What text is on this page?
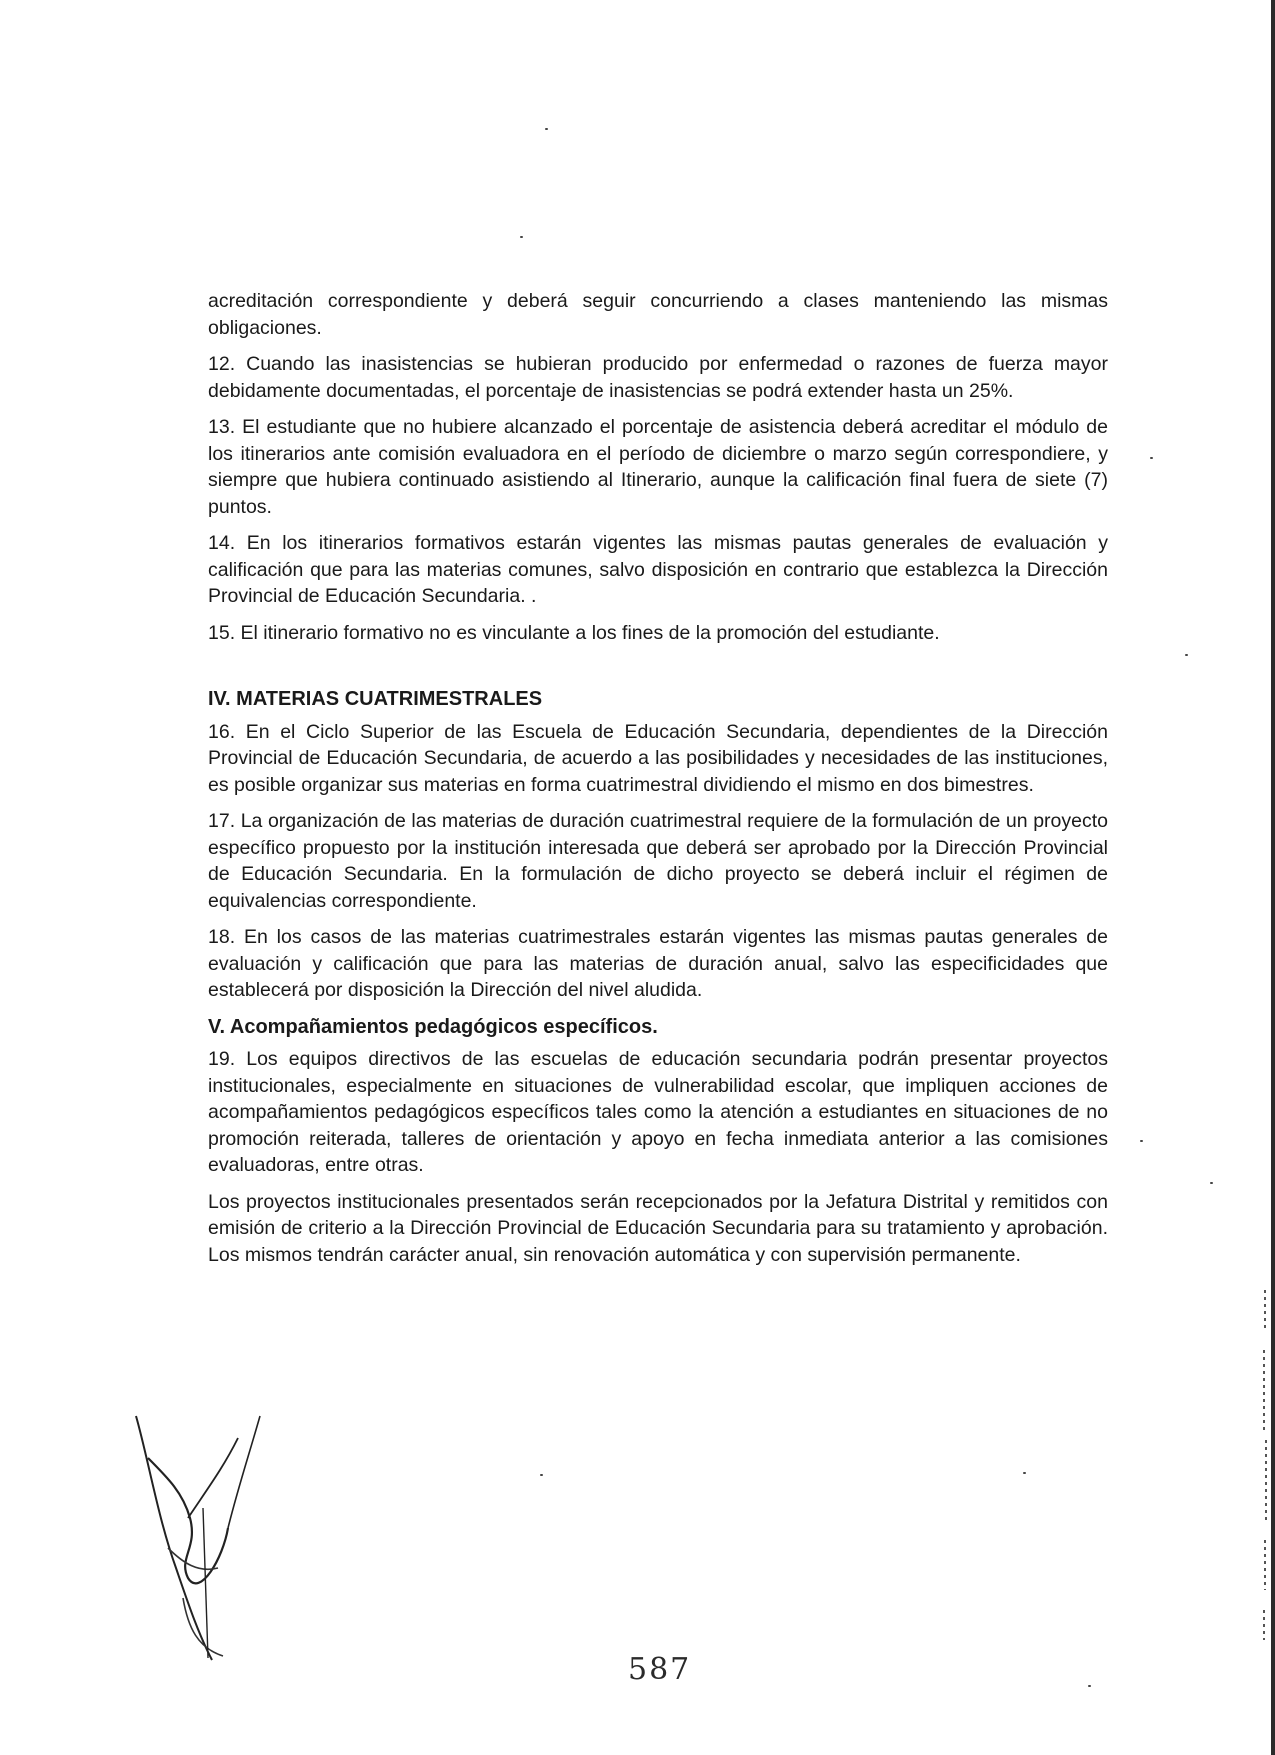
acreditación correspondiente y deberá seguir concurriendo a clases manteniendo las mismas obligaciones.

12. Cuando las inasistencias se hubieran producido por enfermedad o razones de fuerza mayor debidamente documentadas, el porcentaje de inasistencias se podrá extender hasta un 25%.

13. El estudiante que no hubiere alcanzado el porcentaje de asistencia deberá acreditar el módulo de los itinerarios ante comisión evaluadora en el período de diciembre o marzo según correspondiere, y siempre que hubiera continuado asistiendo al Itinerario, aunque la calificación final fuera de siete (7) puntos.

14. En los itinerarios formativos estarán vigentes las mismas pautas generales de evaluación y calificación que para las materias comunes, salvo disposición en contrario que establezca la Dirección Provincial de Educación Secundaria. .

15. El itinerario formativo no es vinculante a los fines de la promoción del estudiante.

IV. MATERIAS CUATRIMESTRALES

16. En el Ciclo Superior de las Escuela de Educación Secundaria, dependientes de la Dirección Provincial de Educación Secundaria, de acuerdo a las posibilidades y necesidades de las instituciones, es posible organizar sus materias en forma cuatrimestral dividiendo el mismo en dos bimestres.

17. La organización de las materias de duración cuatrimestral requiere de la formulación de un proyecto específico propuesto por la institución interesada que deberá ser aprobado por la Dirección Provincial de Educación Secundaria. En la formulación de dicho proyecto se deberá incluir el régimen de equivalencias correspondiente.

18. En los casos de las materias cuatrimestrales estarán vigentes las mismas pautas generales de evaluación y calificación que para las materias de duración anual, salvo las especificidades que establecerá por disposición la Dirección del nivel aludida.

V. Acompañamientos pedagógicos específicos.

19. Los equipos directivos de las escuelas de educación secundaria podrán presentar proyectos institucionales, especialmente en situaciones de vulnerabilidad escolar, que impliquen acciones de acompañamientos pedagógicos específicos tales como la atención a estudiantes en situaciones de no promoción reiterada, talleres de orientación y apoyo en fecha inmediata anterior a las comisiones evaluadoras, entre otras.

Los proyectos institucionales presentados serán recepcionados por la Jefatura Distrital y remitidos con emisión de criterio a la Dirección Provincial de Educación Secundaria para su tratamiento y aprobación. Los mismos tendrán carácter anual, sin renovación automática y con supervisión permanente.

587
